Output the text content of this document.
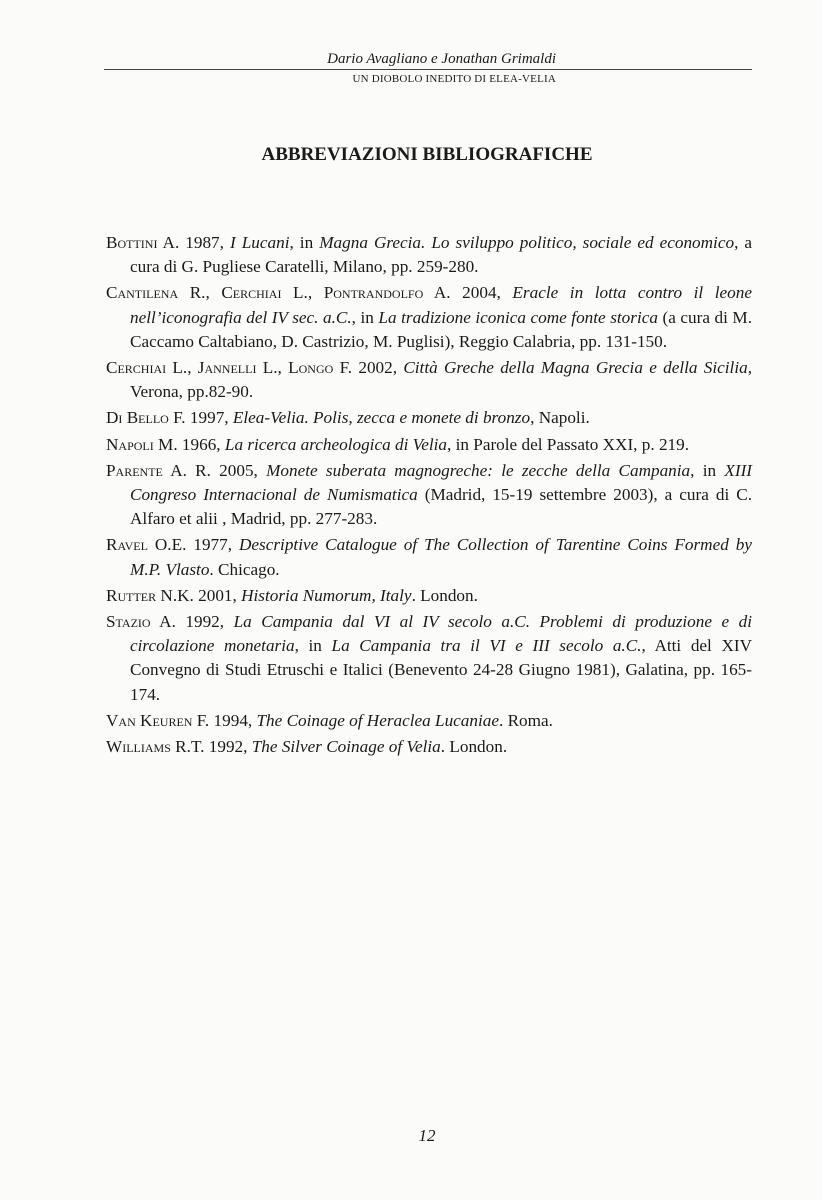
Dario Avagliano e Jonathan Grimaldi
UN DIOBOLO INEDITO DI ELEA-VELIA
ABBREVIAZIONI BIBLIOGRAFICHE
Bottini A. 1987, I Lucani, in Magna Grecia. Lo sviluppo politico, sociale ed economico, a cura di G. Pugliese Caratelli, Milano, pp. 259-280.
Cantilena R., Cerchiai L., Pontrandolfo A. 2004, Eracle in lotta contro il leone nell’iconografia del IV sec. a.C., in La tradizione iconica come fonte storica (a cura di M. Caccamo Caltabiano, D. Castrizio, M. Puglisi), Reggio Calabria, pp. 131-150.
Cerchiai L., Jannelli L., Longo F. 2002, Città Greche della Magna Grecia e della Sicilia, Verona, pp.82-90.
Di Bello F. 1997, Elea-Velia. Polis, zecca e monete di bronzo, Napoli.
Napoli M. 1966, La ricerca archeologica di Velia, in Parole del Passato XXI, p. 219.
Parente A. R. 2005, Monete suberata magnogreche: le zecche della Campania, in XIII Congreso Internacional de Numismatica (Madrid, 15-19 settembre 2003), a cura di C. Alfaro et alii , Madrid, pp. 277-283.
Ravel O.E. 1977, Descriptive Catalogue of The Collection of Tarentine Coins Formed by M.P. Vlasto. Chicago.
Rutter N.K. 2001, Historia Numorum, Italy. London.
Stazio A. 1992, La Campania dal VI al IV secolo a.C. Problemi di produzione e di circolazione monetaria, in La Campania tra il VI e III secolo a.C., Atti del XIV Convegno di Studi Etruschi e Italici (Benevento 24-28 Giugno 1981), Galatina, pp. 165-174.
Van Keuren F. 1994, The Coinage of Heraclea Lucaniae. Roma.
Williams R.T. 1992, The Silver Coinage of Velia. London.
12
